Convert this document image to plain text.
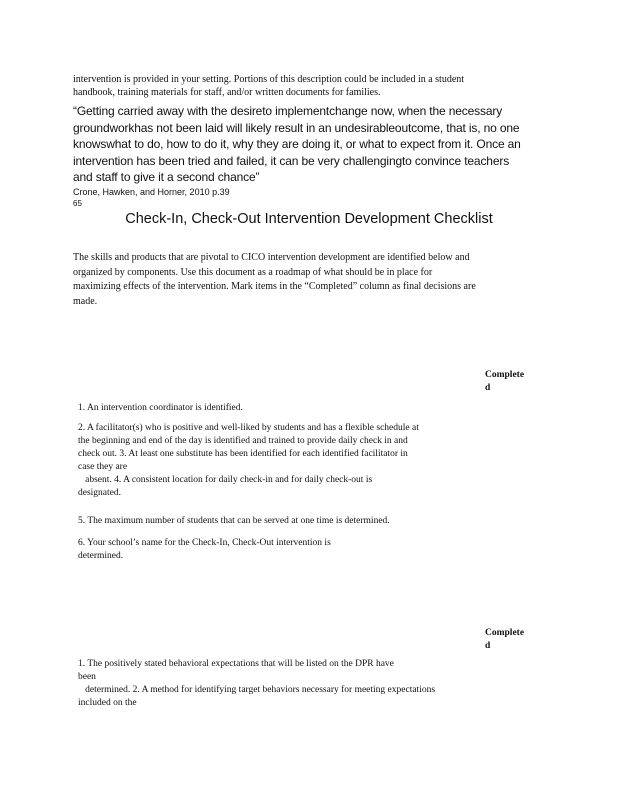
intervention is provided in your setting. Portions of this description could be included in a student
handbook, training materials for staff, and/or written documents for families.
“Getting carried away with the desireto implementchange now, when the necessary
groundworkhas not been laid will likely result in an undesirableoutcome, that is, no one
knowswhat to do, how to do it, why they are doing it, or what to expect from it. Once an
intervention has been tried and failed, it can be very challengingto convince teachers
and staff to give it a second chance”
Crone, Hawken, and Horner, 2010 p.39
65
Check-In, Check-Out Intervention Development Checklist
The skills and products that are pivotal to CICO intervention development are identified below and
organized by components. Use this document as a roadmap of what should be in place for
maximizing effects of the intervention. Mark items in the “Completed” column as final decisions are
made.
Complete
d
1. An intervention coordinator is identified.
2. A facilitator(s) who is positive and well-liked by students and has a flexible schedule at
the beginning and end of the day is identified and trained to provide daily check in and
check out. 3. At least one substitute has been identified for each identified facilitator in
case they are
absent. 4. A consistent location for daily check-in and for daily check-out is
designated.
5. The maximum number of students that can be served at one time is determined.
6. Your school’s name for the Check-In, Check-Out intervention is
determined.
Complete
d
1. The positively stated behavioral expectations that will be listed on the DPR have
been
determined. 2. A method for identifying target behaviors necessary for meeting expectations
included on the
